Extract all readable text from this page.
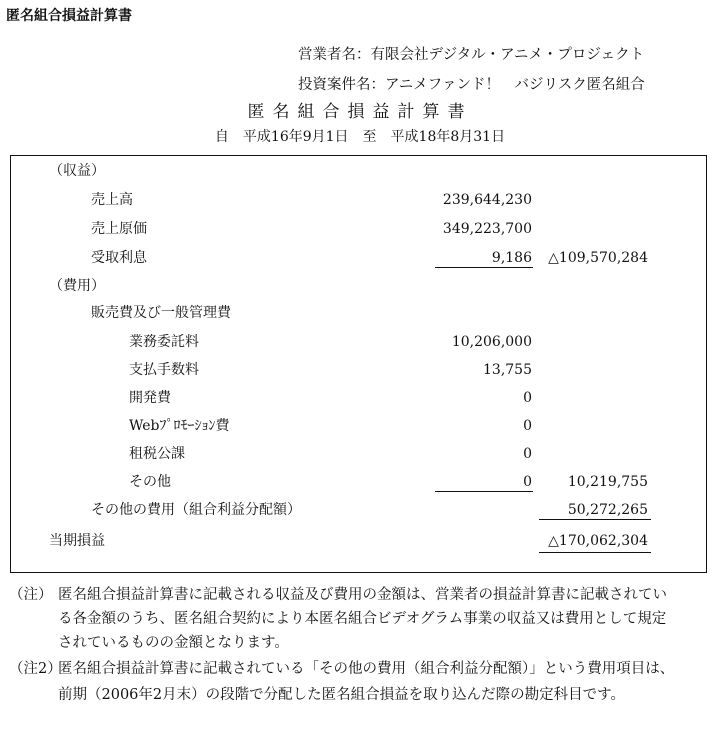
匿名組合損益計算書
営業者名：有限会社デジタル・アニメ・プロジェクト
投資案件名：アニメファンド！　バジリスク匿名組合
匿名組合損益計算書
自　平成16年9月1日　至　平成18年8月31日
（収益）
売上高	239,644,230
売上原価	349,223,700
受取利息	9,186 △109,570,284
（費用）
販売費及び一般管理費
業務委託料	10,206,000
支払手数料	13,755
開発費	0
Webﾌﾟﾛﾓｰｼｮﾝ費	0
租税公課	0
その他	0	10,219,755
その他の費用（組合利益分配額）	50,272,265
当期損益	△170,062,304
（注） 匿名組合損益計算書に記載される収益及び費用の金額は、営業者の損益計算書に記載されてい
る各金額のうち、匿名組合契約により本匿名組合ビデオグラム事業の収益又は費用として規定
されているものの金額となります。
（注2）
匿名組合損益計算書に記載されている「その他の費用（組合利益分配額）」という費用項目は、
前期（2006年2月末）の段階で分配した匿名組合損益を取り込んだ際の勘定科目です。
